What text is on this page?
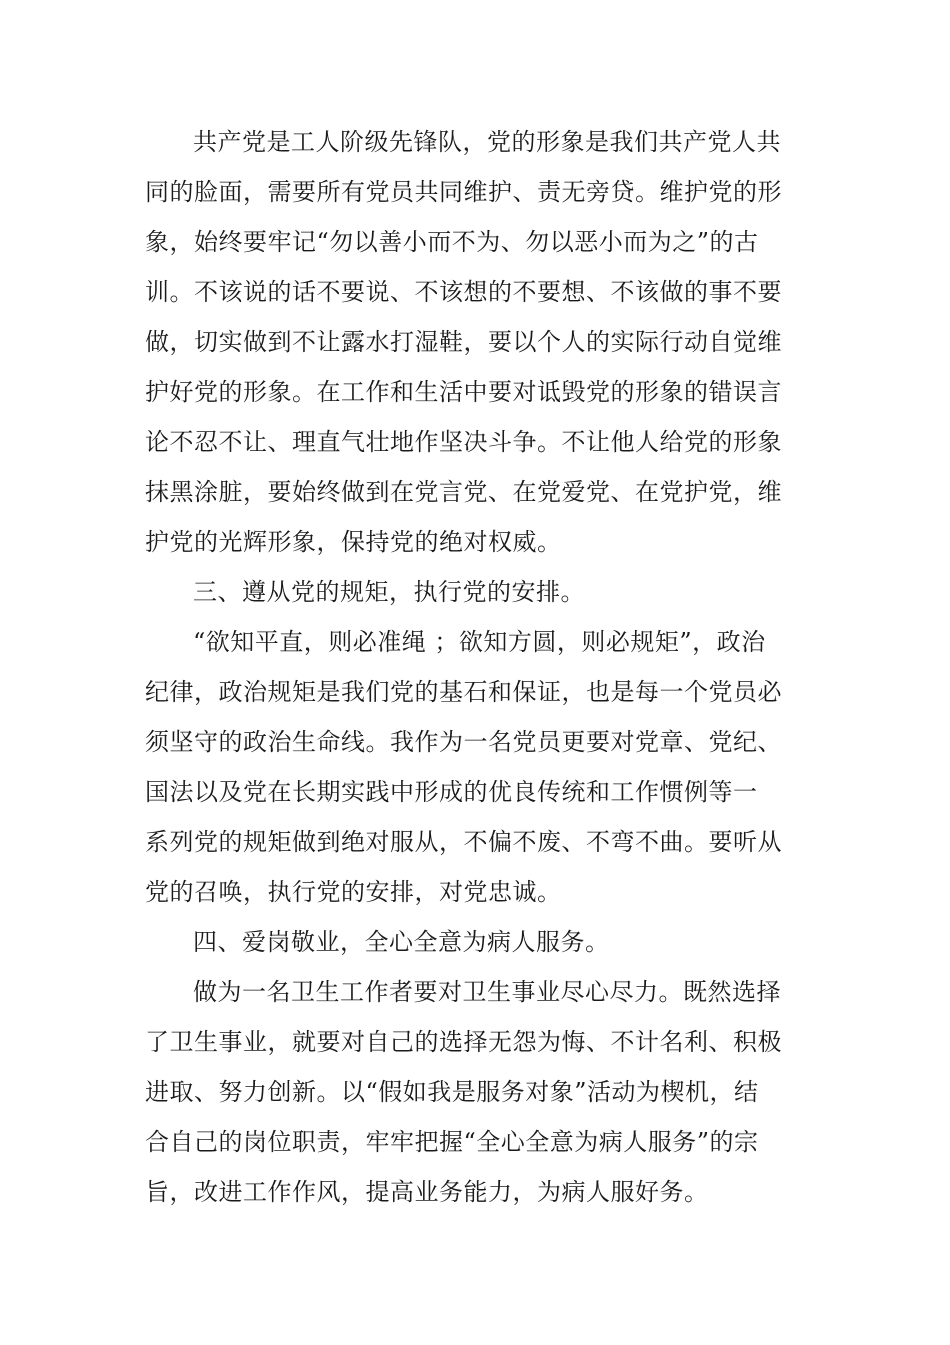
共产党是工人阶级先锋队，党的形象是我们共产党人共
同的脸面，需要所有党员共同维护、责无旁贷。维护党的形
象，始终要牢记“勿以善小而不为、勿以恶小而为之”的古
训。不该说的话不要说、不该想的不要想、不该做的事不要
做，切实做到不让露水打湿鞋，要以个人的实际行动自觉维
护好党的形象。在工作和生活中要对诋毁党的形象的错误言
论不忍不让、理直气壮地作坚决斗争。不让他人给党的形象
抹黑涂脏，要始终做到在党言党、在党爱党、在党护党，维
护党的光辉形象，保持党的绝对权威。
三、遵从党的规矩，执行党的安排。
“欲知平直，则必准绳 ；欲知方圆，则必规矩”，政治
纪律，政治规矩是我们党的基石和保证，也是每一个党员必
须坚守的政治生命线。我作为一名党员更要对党章、党纪、
国法以及党在长期实践中形成的优良传统和工作惯例等一
系列党的规矩做到绝对服从，不偏不废、不弯不曲。要听从
党的召唤，执行党的安排，对党忠诚。
四、爱岗敬业，全心全意为病人服务。
做为一名卫生工作者要对卫生事业尽心尽力。既然选择
了卫生事业，就要对自己的选择无怨为悔、不计名利、积极
进取、努力创新。以“假如我是服务对象”活动为楔机，结
合自己的岗位职责，牢牢把握“全心全意为病人服务”的宗
旨，改进工作作风，提高业务能力，为病人服好务。
